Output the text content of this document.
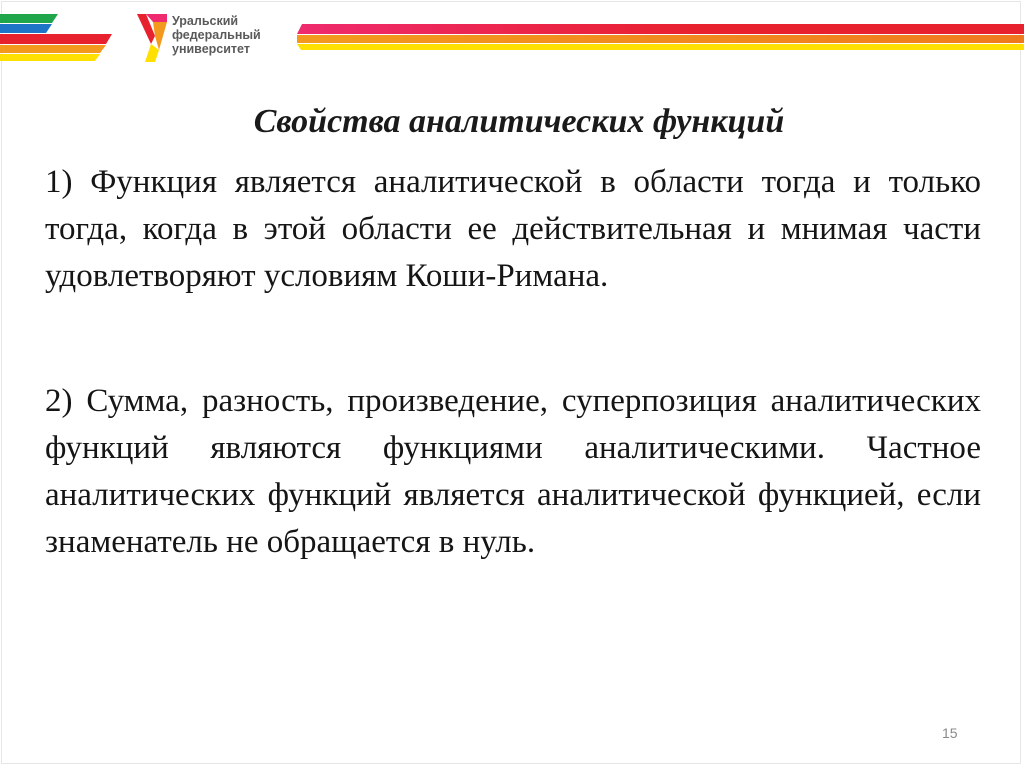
Уральский
федеральный
университет
Свойства аналитических функций
1) Функция является аналитической в области тогда и только тогда, когда в этой области ее действительная и мнимая части удовлетворяют условиям Коши-Римана.
2) Сумма, разность, произведение, суперпозиция аналитических функций являются функциями аналитическими. Частное аналитических функций является аналитической функцией, если знаменатель не обращается в нуль.
15
